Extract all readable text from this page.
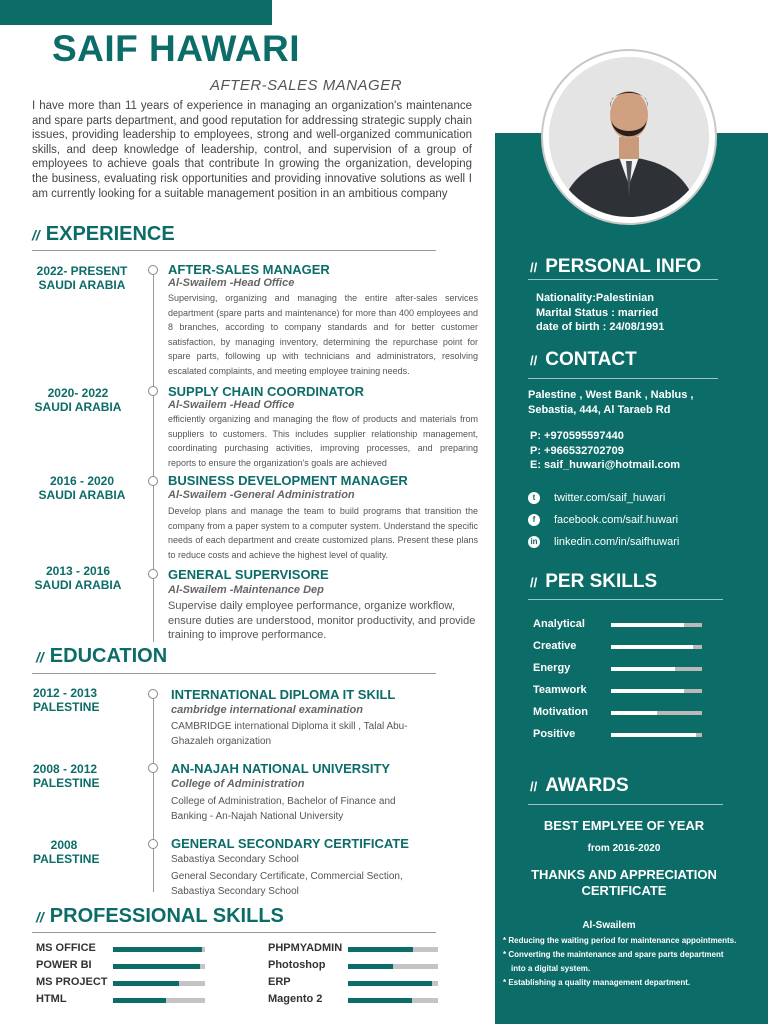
SAIF HAWARI
AFTER-SALES MANAGER
I have more than 11 years of experience in managing an organization's maintenance and spare parts department, and good reputation for addressing strategic supply chain issues, providing leadership to employees, strong and well-organized communication skills, and deep knowledge of leadership, control, and supervision of a group of employees to achieve goals that contribute In growing the organization, developing the business, evaluating risk opportunities and providing innovative solutions as well I am currently looking for a suitable management position in an ambitious company
// EXPERIENCE
2022- PRESENT
SAUDI ARABIA
AFTER-SALES MANAGER
Al-Swailem -Head Office
Supervising, organizing and managing the entire after-sales services department (spare parts and maintenance) for more than 400 employees and 8 branches, according to company standards and for better customer satisfaction, by managing inventory, determining the repurchase point for spare parts, following up with technicians and administrators, resolving escalated complaints, and meeting employee training needs.
2020- 2022
SAUDI ARABIA
SUPPLY CHAIN COORDINATOR
Al-Swailem -Head Office
efficiently organizing and managing the flow of products and materials from suppliers to customers. This includes supplier relationship management, coordinating purchasing activities, improving processes, and preparing reports to ensure the organization's goals are achieved
2016 - 2020
SAUDI ARABIA
BUSINESS DEVELOPMENT MANAGER
Al-Swailem -General Administration
Develop plans and manage the team to build programs that transition the company from a paper system to a computer system. Understand the specific needs of each department and create customized plans. Present these plans to reduce costs and achieve the highest level of quality.
2013 - 2016
SAUDI ARABIA
GENERAL SUPERVISORE
Al-Swailem -Maintenance Dep
Supervise daily employee performance, organize workflow, ensure duties are understood, monitor productivity, and provide training to improve performance.
// EDUCATION
2012 - 2013
PALESTINE
INTERNATIONAL DIPLOMA IT SKILL
cambridge international examination
CAMBRIDGE international Diploma it skill , Talal Abu-Ghazaleh organization
2008 - 2012
PALESTINE
AN-NAJAH NATIONAL UNIVERSITY
College of Administration
College of Administration, Bachelor of Finance and Banking - An-Najah National University
2008
PALESTINE
GENERAL SECONDARY CERTIFICATE
Sabastiya Secondary School
General Secondary Certificate, Commercial Section, Sabastiya Secondary School
// PROFESSIONAL SKILLS
MS OFFICE
POWER BI
MS PROJECT
HTML
PHPMYADMIN
Photoshop
ERP
Magento 2
// PERSONAL INFO
Nationality:Palestinian
Marital Status : married
date of birth : 24/08/1991
// CONTACT
Palestine , West Bank , Nablus ,
Sebastia, 444, Al Taraeb Rd
P: +970595597440
P: +966532702709
E: saif_huwari@hotmail.com
t	twitter.com/saif_huwari
f	facebook.com/saif.huwari
in linkedin.com/in/saifhuwari
// PER SKILLS
Analytical
Creative
Energy
Teamwork
Motivation
Positive
// AWARDS
BEST EMPLYEE OF YEAR
from 2016-2020
THANKS AND APPRECIATION
CERTIFICATE
Al-Swailem
* Reducing the waiting period for maintenance appointments.
* Converting the maintenance and spare parts department
into a digital system.
* Establishing a quality management department.
